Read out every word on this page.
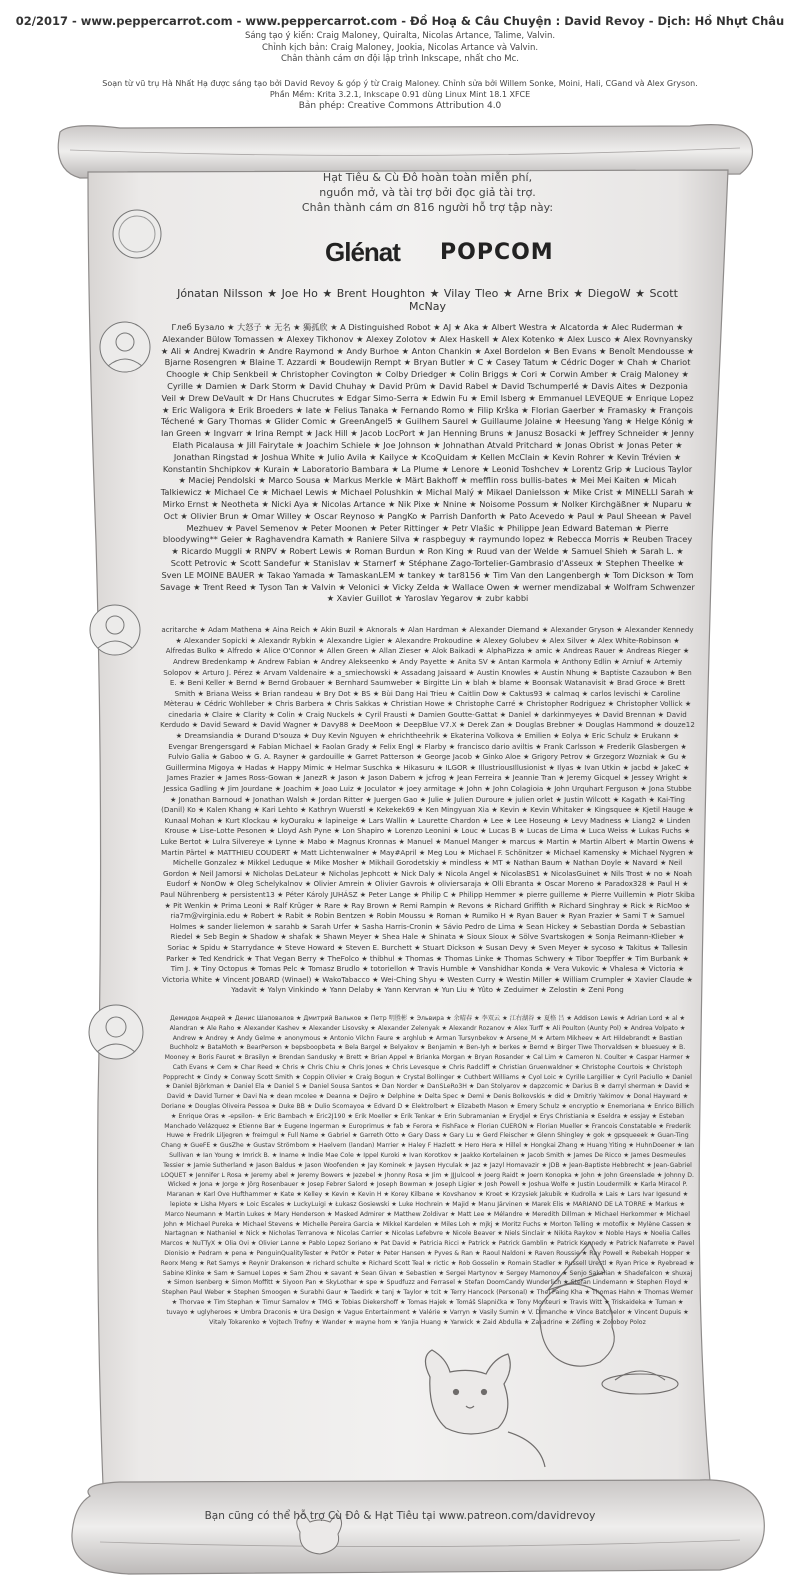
02/2017 - www.peppercarrot.com - www.peppercarrot.com - Đồ Hoạ & Câu Chuyện : David Revoy - Dịch: Hồ Nhựt Châu
Sáng tạo ý kiến: Craig Maloney, Quiralta, Nicolas Artance, Talime, Valvin.
Chỉnh kịch bản: Craig Maloney, Jookia, Nicolas Artance và Valvin.
Chân thành cám ơn đội lập trình Inkscape, nhất cho Mc.
Soạn từ vũ trụ Hà Nhất Hạ được sáng tạo bởi David Revoy & góp ý từ Craig Maloney. Chỉnh sửa bởi Willem Sonke, Moini, Hali, CGand và Alex Gryson.
Phần Mềm: Krita 3.2.1, Inkscape 0.91 dùng Linux Mint 18.1 XFCE
Bản phép: Creative Commons Attribution 4.0
Hạt Tiêu & Cù Đô hoàn toàn miễn phí,
nguồn mở, và tài trợ bởi đọc giả tài trợ.
Chân thành cám ơn 816 người hỗ trợ tập này:
Glénat POPCOM
Jónatan Nilsson ★ Joe Ho ★ Brent Houghton ★ Vilay Tleo ★ Arne Brix ★ DiegoW ★ Scott McNay
Глеб Бузало ★ 大怒子 ★ 无名 ★ 獨孤欣 ★ A Distinguished Robot ★ AJ ★ Aka ★ Albert Westra ★ Alcatorda ★ Alec Ruderman ★ Alexander Bülow Tomassen ★ Alexey Tikhonov ★ Alexey Zolotov ★ Alex Haskell ★ Alex Kotenko ★ Alex Lusco ★ Alex Rovnyansky ★ Ali ★ Andrej Kwadrin ★ Andre Raymond ★ Andy Burhoe ★ Anton Chankin ★ Axel Bordelon ★ Ben Evans ★ Benoît Mendousse ★ Bjarne Rosengren ★ Blaine T. Azzardi ★ Boudewijn Rempt ★ Bryan Butler ★ C ★ Casey Tatum ★ Cédric Doger ★ Chah ★ Chariot Choogle ★ Chip Senkbeil ★ Christopher Covington ★ Colby Driedger ★ Colin Briggs ★ Cori ★ Corwin Amber ★ Craig Maloney ★ Cyrille ★ Damien ★ Dark Storm ★ David Chuhay ★ David Prüm ★ David Rabel ★ David Tschumperlé ★ Davis Aites ★ Dezponia Veil ★ Drew DeVault ★ Dr Hans Chucrutes ★ Edgar Simo-Serra ★ Edwin Fu ★ Emil Isberg ★ Emmanuel LEVEQUE ★ Enrique Lopez ★ Eric Waligora ★ Erik Broeders ★ Iate ★ Felius Tanaka ★ Fernando Romo ★ Filip Krška ★ Florian Gaerber ★ Framasky ★ François Téchené ★ Gary Thomas ★ Glider Comic ★ GreenAngel5 ★ Guilhem Saurel ★ Guillaume Jolaine ★ Heesung Yang ★ Helge Kónig ★ Ian Green ★ Ingvarr ★ Irina Rempt ★ Jack Hill ★ Jacob LocPort ★ Jan Henning Bruns ★ Janusz Bosacki ★ Jeffrey Schneider ★ Jenny Elath Picalausa ★ Jill Fairytale ★ Joachim Schiele ★ Joe Johnson ★ Johnathan Atvald Pritchard ★ Jonas Obrist ★ Jonas Peter ★ Jonathan Ringstad ★ Joshua White ★ Julio Avila ★ Kailyce ★ KcoQuidam ★ Kellen McClain ★ Kevin Rohrer ★ Kevin Trévien ★ Konstantin Shchipkov ★ Kurain ★ Laboratorio Bambara ★ La Plume ★ Lenore ★ Leonid Toshchev ★ Lorentz Grip ★ Lucious Taylor ★ Maciej Pendolski ★ Marco Sousa ★ Markus Merkle ★ Märt Bakhoff ★ mefflin ross bullis-bates ★ Mei Mei Kaiten ★ Micah Talkiewicz ★ Michael Ce ★ Michael Lewis ★ Michael Polushkin ★ Michal Malý ★ Mikael Danielsson ★ Mike Crist ★ MINELLI Sarah ★ Mirko Ernst ★ Neotheta ★ Nicki Aya ★ Nicolas Artance ★ Nik Pixe ★ Nnine ★ Noisome Possum ★ Nolker Kirchgäßner ★ Nuparu ★ Oct ★ Olivier Brun ★ Omar Willey ★ Oscar Reynoso ★ PangKo ★ Parrish Danforth ★ Pato Acevedo ★ Paul ★ Paul Sheean ★ Pavel Mezhuev ★ Pavel Semenov ★ Peter Moonen ★ Peter Rittinger ★ Petr Vlašic ★ Philippe Jean Edward Bateman ★ Pierre bloodywing** Geier ★ Raghavendra Kamath ★ Raniere Silva ★ raspbeguy ★ raymundo lopez ★ Rebecca Morris ★ Reuben Tracey ★ Ricardo Muggli ★ RNPV ★ Robert Lewis ★ Roman Burdun ★ Ron King ★ Ruud van der Welde ★ Samuel Shieh ★ Sarah L. ★ Scott Petrovic ★ Scott Sandefur ★ Stanislav ★ Starnerf ★ Stéphane Zago-Tortelier-Gambrasio d'Asseux ★ Stephen Theelke ★ Sven LE MOINE BAUER ★ Takao Yamada ★ TamaskanLEM ★ tankey ★ tar8156 ★ Tim Van den Langenbergh ★ Tom Dickson ★ Tom Savage ★ Trent Reed ★ Tyson Tan ★ Valvin ★ Velonici ★ Vicky Zelda ★ Wallace Owen ★ werner mendizabal ★ Wolfram Schwenzer ★ Xavier Guillot ★ Yaroslav Yegarov ★ zubr kabbi
acritarche ★ Adam Mathena ★ Aina Reich ★ Akin Buzil ★ Aknorals ★ Alan Hardman ★ Alexander Diemand ★ Alexander Gryson ★ Alexander Kennedy ★ Alexander Sopicki ★ Alexandr Rybkin ★ Alexandre Ligier ★ Alexandre Prokoudine ★ Alexey Golubev ★ Alex Silver ★ Alex White-Robinson ★ Alfredas Bulko ★ Alfredo ★ Alice O'Connor ★ Allen Green ★ Allan Zieser ★ Alok Baikadi ★ AlphaPizza ★ amic ★ Andreas Rauer ★ Andreas Rieger ★ Andrew Bredenkamp ★ Andrew Fabian ★ Andrey Alekseenko ★ Andy Payette ★ Anita SV ★ Antan Karmola ★ Anthony Edlin ★ Arniuf ★ Artemiy Solopov ★ Arturo J. Pérez ★ Arvam Valdenaire ★ a_smiechowski ★ Assadang Jaisaard ★ Austin Knowles ★ Austin Nhung ★ Baptiste Cazaubon ★ Ben E. ★ Beni Keller ★ Bernd ★ Bernd Grobauer ★ Bernhard Saumweber ★ Birgitte Lin ★ blah ★ blame ★ Boonsak Watanavisit ★ Brad Groce ★ Brett Smith ★ Briana Weiss ★ Brian randeau ★ Bry Dot ★ BS ★ Bùi Dang Hai Trieu ★ Caitlin Dow ★ Caktus93 ★ calmaq ★ carlos levischi ★ Caroline Mèterau ★ Cédric Wohlleber ★ Chris Barbera ★ Chris Sakkas ★ Christian Howe ★ Christophe Carré ★ Christopher Rodriguez ★ Christopher Vollick ★ cinedaria ★ Claire ★ Clarity ★ Colin ★ Craig Nuckels ★ Cyril Frausti ★ Damien Goutte-Gattat ★ Daniel ★ darkinmyeyes ★ David Brennan ★ David Kerdudo ★ David Seward ★ David Wagner ★ Davy88 ★ DeeMoon ★ DeepBlue V7.X ★ Derek Zan ★ Douglas Brebner ★ Douglas Hammond ★ douze12 ★ Dreamsiandia ★ Durand D'souza ★ Duy Kevin Nguyen ★ ehrichtheehrik ★ Ekaterina Volkova ★ Emilien ★ Eolya ★ Eric Schulz ★ Erukann ★ Evengar Brengersgard ★ Fabian Michael ★ Faolan Grady ★ Felix Engl ★ Flarby ★ francisco dario aviltis ★ Frank Carlsson ★ Frederik Glasbergen ★ Fulvio Galia ★ Gaboo ★ G. A. Rayner ★ gardouille ★ Garret Patterson ★ George Jacob ★ Ginko Aloe ★ Grigory Petrov ★ Grzegorz Wozniak ★ Gu ★ Guillermina Migoya ★ Hadas ★ Happy Mimic ★ Helmar Suschka ★ Hikasuru ★ ILGOR ★ IllustriousIllusionist ★ Ilyas ★ Ivan Utkin ★ jacbd ★ JakeC ★ James Frazier ★ James Ross-Gowan ★ JanezR ★ Jason ★ Jason Dabern ★ jcfrog ★ Jean Ferreira ★ Jeannie Tran ★ Jeremy Gicquel ★ Jessey Wright ★ Jessica Gadling ★ Jim Jourdane ★ Joachim ★ Joao Luiz ★ Joculator ★ joey armitage ★ John ★ John Colagioia ★ John Urquhart Ferguson ★ Jona Stubbe ★ Jonathan Barnoud ★ Jonathan Walsh ★ Jordan Ritter ★ Juergen Gao ★ Julie ★ Julien Duroure ★ julien orlet ★ Justin Wilcott ★ Kagath ★ Kai-Ting (Danil) Ko ★ Kalen Khang ★ Kari Lehto ★ Kathryn Wuerstl ★ Kekekek69 ★ Ken Mingyuan Xia ★ Kevin ★ Kevin Whitaker ★ Kingsquee ★ Kjetil Hauge ★ Kunaal Mohan ★ Kurt Klockau ★ kyOuraku ★ lapineige ★ Lars Wallin ★ Laurette Chardon ★ Lee ★ Lee Hoseung ★ Levy Madness ★ Liang2 ★ Linden Krouse ★ Lise-Lotte Pesonen ★ Lloyd Ash Pyne ★ Lon Shapiro ★ Lorenzo Leonini ★ Louc ★ Lucas B ★ Lucas de Lima ★ Luca Weiss ★ Lukas Fuchs ★ Luke Bertot ★ Lulra Silvereye ★ Lynne ★ Mabo ★ Magnus Kronnas ★ Manuel ★ Manuel Manger ★ marcus ★ Martin ★ Martin Albert ★ Martin Owens ★ Martin Pärtel ★ MATTHIEU COUDERT ★ Matt Lichtenwalner ★ May#April ★ Meg Lou ★ Michael F. Schönitzer ★ Michael Kamensky ★ Michael Nygren ★ Michelle Gonzalez ★ Mikkel Leduque ★ Mike Mosher ★ Mikhail Gorodetskiy ★ mindless ★ MT ★ Nathan Baum ★ Nathan Doyle ★ Navard ★ Neil Gordon ★ Neil Jamorsi ★ Nicholas DeLateur ★ Nicholas Jephcott ★ Nick Daly ★ Nicola Angel ★ NicolasBS1 ★ NicolasGuinet ★ Nils Trost ★ no ★ Noah Eudorf ★ NonOw ★ Oleg Schelykalnov ★ Olivier Amrein ★ Olivier Gavrois ★ oliviersaraja ★ Olli Ebranta ★ Oscar Moreno ★ Paradox328 ★ Paul H ★ Paul Nührenberg ★ persistent13 ★ Péter Károly JUHÁSZ ★ Peter Lange ★ Philip C ★ Philipp Hemmer ★ pierre guilleme ★ Pierre Vuillemin ★ Piotr Skiba ★ Pit Wenkin ★ Prima Leoni ★ Ralf Krüger ★ Rare ★ Ray Brown ★ Remi Rampin ★ Revons ★ Richard Griffith ★ Richard Singhray ★ Rick ★ RicMoo ★ ria7m@virginia.edu ★ Robert ★ Rabit ★ Robin Bentzen ★ Robin Moussu ★ Roman ★ Rumiko H ★ Ryan Bauer ★ Ryan Frazier ★ Sami T ★ Samuel Holmes ★ sander lielemon ★ sarahb ★ Sarah Urfer ★ Sasha Harris-Cronin ★ Sávio Pedro de Lima ★ Sean Hickey ★ Sebastian Dorda ★ Sebastian Riedel ★ Seb Begin ★ Shadow ★ shafak ★ Shawn Meyer ★ Shea Hale ★ Shinata ★ Sioux Sioux ★ Sölve Svartskogen ★ Sonja Reimann-Klieber ★ Soriac ★ Spidu ★ Starrydance ★ Steve Howard ★ Steven E. Burchett ★ Stuart Dickson ★ Susan Devy ★ Sven Meyer ★ sycoso ★ Takitus ★ Tallesin Parker ★ Ted Kendrick ★ That Vegan Berry ★ TheFolco ★ thibhul ★ Thomas ★ Thomas Linke ★ Thomas Schwery ★ Tibor Toepffer ★ Tim Burbank ★ Tim J. ★ Tiny Octopus ★ Tomas Pelc ★ Tomasz Brudlo ★ totoriellon ★ Travis Humble ★ Vanshidhar Konda ★ Vera Vukovic ★ Vhalesa ★ Victoria ★ Victoria White ★ Vincent JOBARD (Winael) ★ WakoTabacco ★ Wei-Ching Shyu ★ Westen Curry ★ Westin Miller ★ William Crumpler ★ Xavier Claude ★ Yadavit ★ Yalyn Vinkindo ★ Yann Delaby ★ Yann Kervran ★ Yun Liu ★ Yûto ★ Zeduimer ★ Zelostin ★ Zeni Pong
Демидов Андрей ★ Денис Шаповалов ★ Дмитрий Вальков ★ Петр 明胜彬 ★ Эльвира ★ 余晴春 ★ 李双云 ★ 江右湖谷 ★ 夏格 吕 ★ Addison Lewis ★ Adrian Lord ★ al ★ Alandran ★ Ale Raho ★ Alexander Kashev ★ Alexander Lisovsky ★ Alexander Zelenyak ★ Alexandr Rozanov ★ Alex Turff ★ Ali Poulton (Aunty Pol) ★ Andrea Volpato ★ Andrew ★ Andrey ★ Andy Gelme ★ anonymous ★ Antonio Vilchn Faure ★ arghlub ★ Arman Tursynbekov ★ Arsene_M ★ Artem Mikheev ★ Art Hildebrandt ★ Bastian Buchholz ★ BataMoth ★ BearPerson ★ bepsboopbeta ★ Bela Bargel ★ Belyakov ★ Benjamin ★ Ben-Iyh ★ berkes ★ Bernd ★ Birger Tiwe Thorvaldsen ★ bluesuey ★ B. Mooney ★ Boris Fauret ★ Brasilyn ★ Brendan Sandusky ★ Brett ★ Brian Appel ★ Brianka Morgan ★ Bryan Rosander ★ Cal Lim ★ Cameron N. Coulter ★ Caspar Harmer ★ Cath Evans ★ Cem ★ Char Reed ★ Chris ★ Chris Chiu ★ Chris Jones ★ Chris Levesque ★ Chris Radcliff ★ Christian Gruenwaldner ★ Christophe Courtois ★ Christoph Popprecht ★ Cindy ★ Conway Scott Smith ★ Coppin Olivier ★ Craig Bogun ★ Crystal Bollinger ★ Cuthbert Williams ★ Cyol Loic ★ Cyrille Largillier ★ Cyril Paciullo ★ Daniel ★ Daniel Björkman ★ Daniel Ela ★ Daniel S ★ Daniel Sousa Santos ★ Dan Norder ★ DanSLeRo3H ★ Dan Stolyarov ★ dapzcomic ★ Darius B ★ darryl sherman ★ David ★ David ★ David Turner ★ Davi Na ★ dean mcolee ★ Deanna ★ Dejiro ★ Delphine ★ Delta Spec ★ Demi ★ Denis Bolkovskis ★ did ★ Dmitriy Yakimov ★ Donal Hayward ★ Doriane ★ Douglas Oliveira Pessoa ★ Duke BB ★ Dulio Scomayoa ★ Edvard D ★ Elektrolbert ★ Elizabeth Mason ★ Emery Schulz ★ encryptio ★ Enemoriana ★ Enrico Billich ★ Enrique Oras ★ -epsilon- ★ Eric Bambach ★ Eric2J190 ★ Erik Moeller ★ Erik Tenkar ★ Erin Subramanian ★ Erydjel ★ Erys Christiania ★ Eseldra ★ essjay ★ Esteban Manchado Velázquez ★ Etienne Bar ★ Eugene Ingerman ★ Europrimus ★ fab ★ Ferora ★ FishFace ★ Florian CUERON ★ Florian Mueller ★ Francois Constatable ★ Frederik Huwe ★ Fredrik Liljegren ★ freimgul ★ Full Name ★ Gabriel ★ Garreth Otto ★ Gary Dass ★ Gary Lu ★ Gerd Fleischer ★ Glenn Shingley ★ gok ★ gpsqueeek ★ Guan-Ting Chang ★ GueFE ★ GusZhe ★ Gustav Strömbom ★ Haelvern (landan) Marrier ★ Haley F Hazlett ★ Hero Hera ★ Hillel ★ Hongkai Zhang ★ Huang Yiting ★ HuhnDoener ★ Ian Sullivan ★ Ian Young ★ Imrick B. ★ Iname ★ Indie Mae Cole ★ Ippel Kuroki ★ Ivan Korotkov ★ Jaakko Kortelainen ★ Jacob Smith ★ James De Ricco ★ James Desmeules Tessier ★ Jamie Sutherland ★ Jason Baldus ★ Jason Woofenden ★ Jay Kominek ★ Jaysen Hyculak ★ Jaz ★ Jazyl Homavazir ★ JDB ★ Jean-Baptiste Hebbrecht ★ Jean-Gabriel LOQUET ★ Jennifer L Rosa ★ Jeremy abel ★ Jeremy Bowers ★ Jezebel ★ Jhonny Rosa ★ Jim ★ JJJulcool ★ Joerg Raidt ★ Joern Konopka ★ John ★ John Greenslade ★ Johnny D. Wicked ★ Jona ★ Jorge ★ Jörg Rosenbauer ★ Josep Febrer Salord ★ Joseph Bowman ★ Joseph Ligier ★ Josh Powell ★ Joshua Wolfe ★ Justin Loudermilk ★ Karla Miracol P. Maranan ★ Karl Ove Hufthammer ★ Kate ★ Kelley ★ Kevin ★ Kevin H ★ Korey Kilbane ★ Kovshanov ★ Kroet ★ Krzysiek Jakubik ★ Kudrolla ★ Lais ★ Lars Ivar Igesund ★ lepiote ★ Lisha Myers ★ Loic Escales ★ LuckyLuigi ★ Łukasz Gosiewski ★ Luke Hochrein ★ Majid ★ Manu Järvinen ★ Marek Elis ★ MARIANO DE LA TORRE ★ Markus ★ Marco Neumann ★ Martin Lukes ★ Mary Henderson ★ Masked Admirer ★ Matthew Zoldivar ★ Matt Lee ★ Mélandre ★ Meredith Dillman ★ Michael Herkommer ★ Michael John ★ Michael Pureka ★ Michael Stevens ★ Michelle Pereira Garcia ★ Mikkel Kardelen ★ Miles Loh ★ mjkj ★ Moritz Fuchs ★ Morton Telling ★ motoflix ★ Mylène Cassen ★ Nartagnan ★ Nathaniel ★ Nick ★ Nicholas Terranova ★ Nicolas Carrier ★ Nicolas Lefebvre ★ Nicole Beaver ★ Niels Sinclair ★ Nikita Raykov ★ Noble Hays ★ Noelia Calles Marcos ★ NuTTyX ★ Olia Ovi ★ Olivier Lanne ★ Pablo Lopez Soriano ★ Pat David ★ Patricia Ricci ★ Patrick ★ Patrick Gamblin ★ Patrick Kennedy ★ Patrick Nafarrete ★ Pavel Dionisio ★ Pedram ★ pena ★ PenguinQualityTester ★ PetOr ★ Peter ★ Peter Hansen ★ Pyves & Ran ★ Raoul Naldoni ★ Raven Roussie ★ Ray Powell ★ Rebekah Hopper ★ Reorx Meng ★ Ret Samys ★ Reynir Drakenson ★ richard schulte ★ Richard Scott Teal ★ rictic ★ Rob Gosselin ★ Romain Stadler ★ Russell Urestl ★ Ryan Price ★ Ryebread ★ Sabine Klinke ★ Sam ★ Samuel Lopes ★ Sam Zhou ★ savant ★ Sean Givan ★ Sebastien ★ Sergei Martynov ★ Sergey Mamonov ★ Senjo Sakalian ★ Shadefalcon ★ shuxaj ★ Simon Isenberg ★ Simon Moffitt ★ Siyoon Pan ★ SkyLothar ★ spe ★ Spudfuzz and Ferrasel ★ Stefan DoomCandy Wunderlich ★ Stefan Lindemann ★ Stephen Floyd ★ Stephen Paul Weber ★ Stephen Smoogen ★ Surabhi Gaur ★ Taedirk ★ tanj ★ Taylor ★ tcit ★ Terry Hancock (Personal) ★ Thel Paing Kha ★ Thomas Hahn ★ Thomas Werner ★ Thorvae ★ Tim Stephan ★ Timur Samalov ★ TMG ★ Tobias Diekershoff ★ Tomas Hajek ★ Tomáš Slapnička ★ Tony Monteuri ★ Travis Witt ★ Triskaideka ★ Tuman ★ tuvayo ★ uglyheroes ★ Umbra Draconis ★ Ura Design ★ Vague Entertainment ★ Valérie ★ Varryn ★ Vasily Sumin ★ V. Dimanche ★ Vince Batchelor ★ Vincent Dupuis ★ Vitaly Tokarenko ★ Vojtech Trefny ★ Wander ★ wayne hom ★ Yanjia Huang ★ Yarwick ★ Zaid Abdulla ★ Zakadrine ★ Zéfling ★ Zoloboy Poloz
Bạn cũng có thể hỗ trợ Cù Đô & Hạt Tiêu tại www.patreon.com/davidrevoy
